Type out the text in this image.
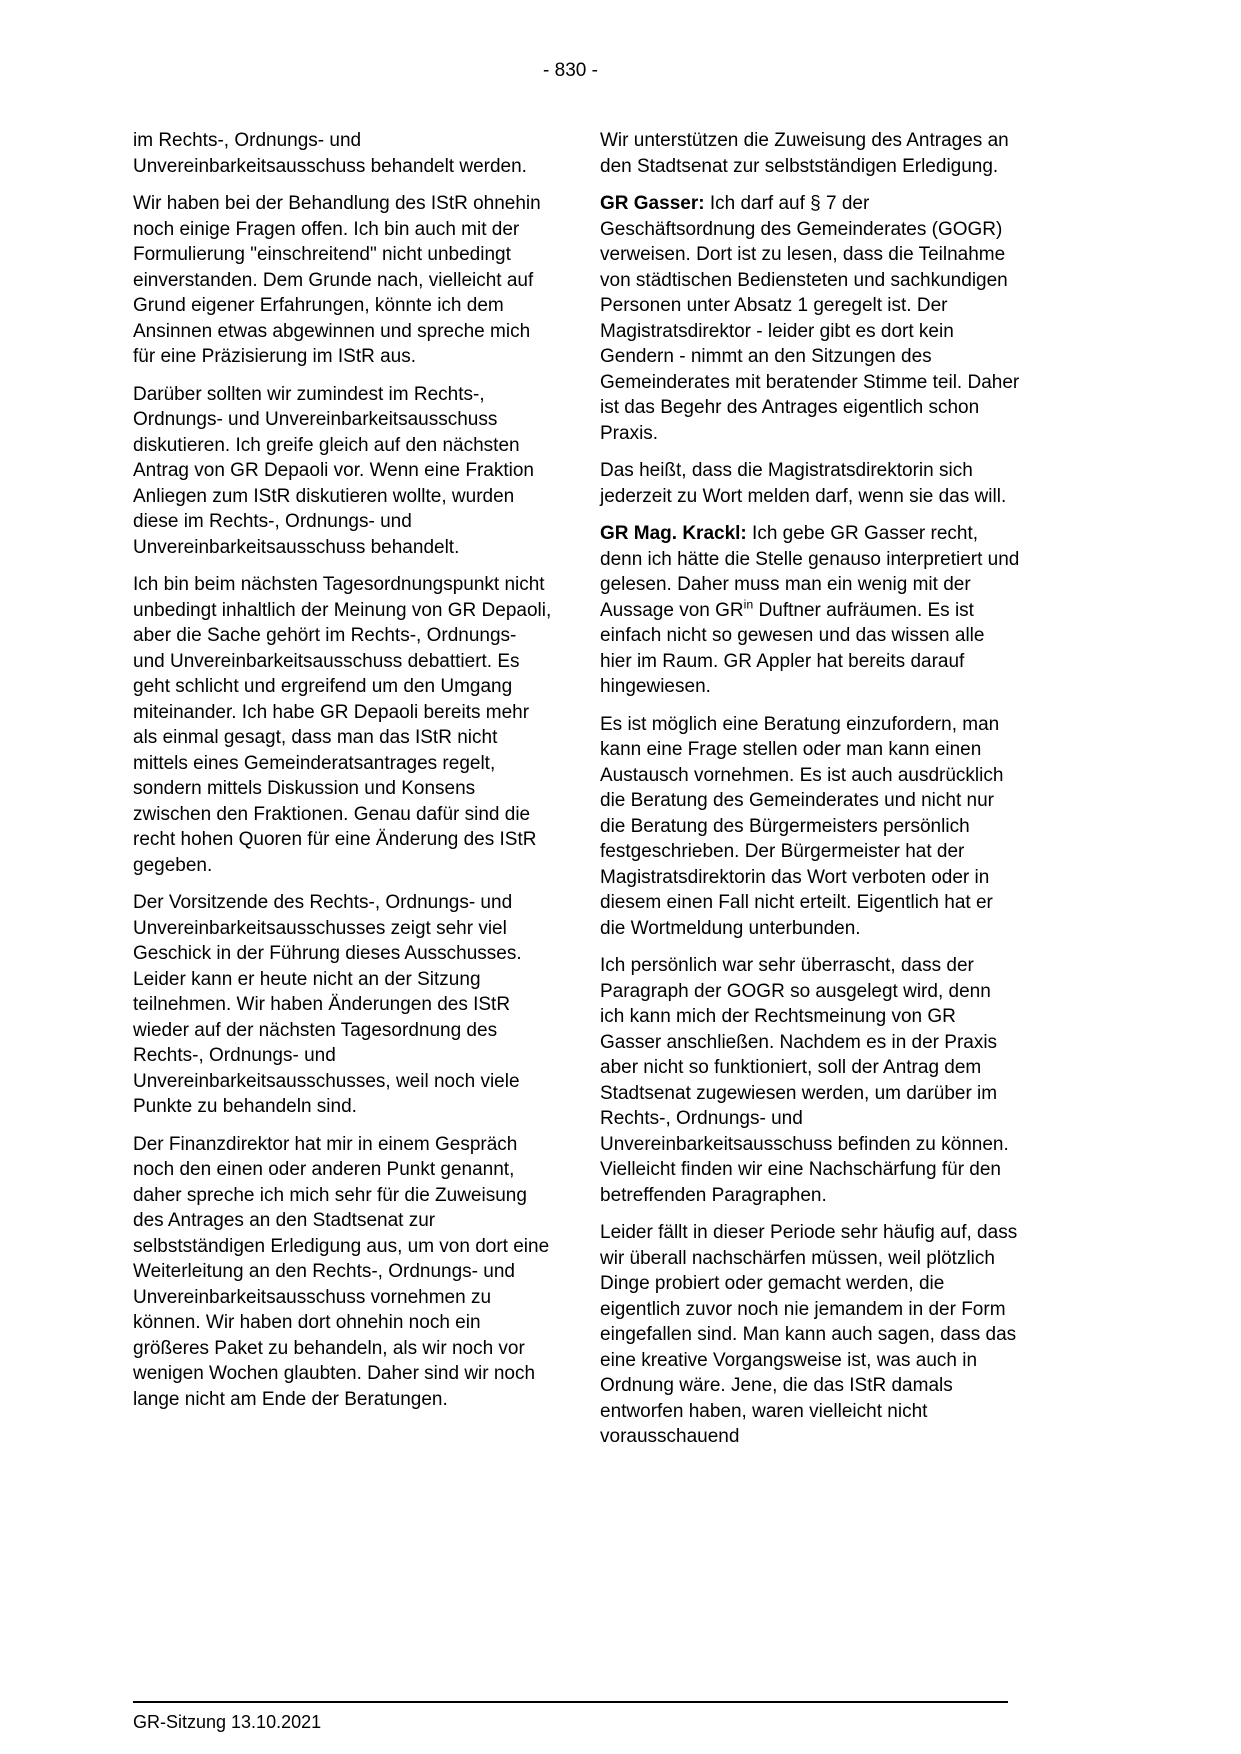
- 830 -

im Rechts-, Ordnungs- und Unvereinbarkeitsausschuss behandelt werden.

Wir haben bei der Behandlung des IStR ohnehin noch einige Fragen offen. Ich bin auch mit der Formulierung "einschreitend" nicht unbedingt einverstanden. Dem Grunde nach, vielleicht auf Grund eigener Erfahrungen, könnte ich dem Ansinnen etwas abgewinnen und spreche mich für eine Präzisierung im IStR aus.

Darüber sollten wir zumindest im Rechts-, Ordnungs- und Unvereinbarkeitsausschuss diskutieren. Ich greife gleich auf den nächsten Antrag von GR Depaoli vor. Wenn eine Fraktion Anliegen zum IStR diskutieren wollte, wurden diese im Rechts-, Ordnungs- und Unvereinbarkeitsausschuss behandelt.

Ich bin beim nächsten Tagesordnungspunkt nicht unbedingt inhaltlich der Meinung von GR Depaoli, aber die Sache gehört im Rechts-, Ordnungs- und Unvereinbarkeitsausschuss debattiert. Es geht schlicht und ergreifend um den Umgang miteinander. Ich habe GR Depaoli bereits mehr als einmal gesagt, dass man das IStR nicht mittels eines Gemeinderatsantrages regelt, sondern mittels Diskussion und Konsens zwischen den Fraktionen. Genau dafür sind die recht hohen Quoren für eine Änderung des IStR gegeben.

Der Vorsitzende des Rechts-, Ordnungs- und Unvereinbarkeitsausschusses zeigt sehr viel Geschick in der Führung dieses Ausschusses. Leider kann er heute nicht an der Sitzung teilnehmen. Wir haben Änderungen des IStR wieder auf der nächsten Tagesordnung des Rechts-, Ordnungs- und Unvereinbarkeitsausschusses, weil noch viele Punkte zu behandeln sind.

Der Finanzdirektor hat mir in einem Gespräch noch den einen oder anderen Punkt genannt, daher spreche ich mich sehr für die Zuweisung des Antrages an den Stadtsenat zur selbstständigen Erledigung aus, um von dort eine Weiterleitung an den Rechts-, Ordnungs- und Unvereinbarkeitsausschuss vornehmen zu können. Wir haben dort ohnehin noch ein größeres Paket zu behandeln, als wir noch vor wenigen Wochen glaubten. Daher sind wir noch lange nicht am Ende der Beratungen.

Wir unterstützen die Zuweisung des Antrages an den Stadtsenat zur selbstständigen Erledigung.

GR Gasser: Ich darf auf § 7 der Geschäftsordnung des Gemeinderates (GOGR) verweisen. Dort ist zu lesen, dass die Teilnahme von städtischen Bediensteten und sachkundigen Personen unter Absatz 1 geregelt ist. Der Magistratsdirektor - leider gibt es dort kein Gendern - nimmt an den Sitzungen des Gemeinderates mit beratender Stimme teil. Daher ist das Begehr des Antrages eigentlich schon Praxis.

Das heißt, dass die Magistratsdirektorin sich jederzeit zu Wort melden darf, wenn sie das will.

GR Mag. Krackl: Ich gebe GR Gasser recht, denn ich hätte die Stelle genauso interpretiert und gelesen. Daher muss man ein wenig mit der Aussage von $GR^{in}$ Duftner aufräumen. Es ist einfach nicht so gewesen und das wissen alle hier im Raum. GR Appler hat bereits darauf hingewiesen.

Es ist möglich eine Beratung einzufordern, man kann eine Frage stellen oder man kann einen Austausch vornehmen. Es ist auch ausdrücklich die Beratung des Gemeinderates und nicht nur die Beratung des Bürgermeisters persönlich festgeschrieben. Der Bürgermeister hat der Magistratsdirektorin das Wort verboten oder in diesem einen Fall nicht erteilt. Eigentlich hat er die Wortmeldung unterbunden.

Ich persönlich war sehr überrascht, dass der Paragraph der GOGR so ausgelegt wird, denn ich kann mich der Rechtsmeinung von GR Gasser anschließen. Nachdem es in der Praxis aber nicht so funktioniert, soll der Antrag dem Stadtsenat zugewiesen werden, um darüber im Rechts-, Ordnungs- und Unvereinbarkeitsausschuss befinden zu können. Vielleicht finden wir eine Nachschärfung für den betreffenden Paragraphen.

Leider fällt in dieser Periode sehr häufig auf, dass wir überall nachschärfen müssen, weil plötzlich Dinge probiert oder gemacht werden, die eigentlich zuvor noch nie jemandem in der Form eingefallen sind. Man kann auch sagen, dass das eine kreative Vorgangsweise ist, was auch in Ordnung wäre. Jene, die das IStR damals entworfen haben, waren vielleicht nicht vorausschauend

GR-Sitzung 13.10.2021
